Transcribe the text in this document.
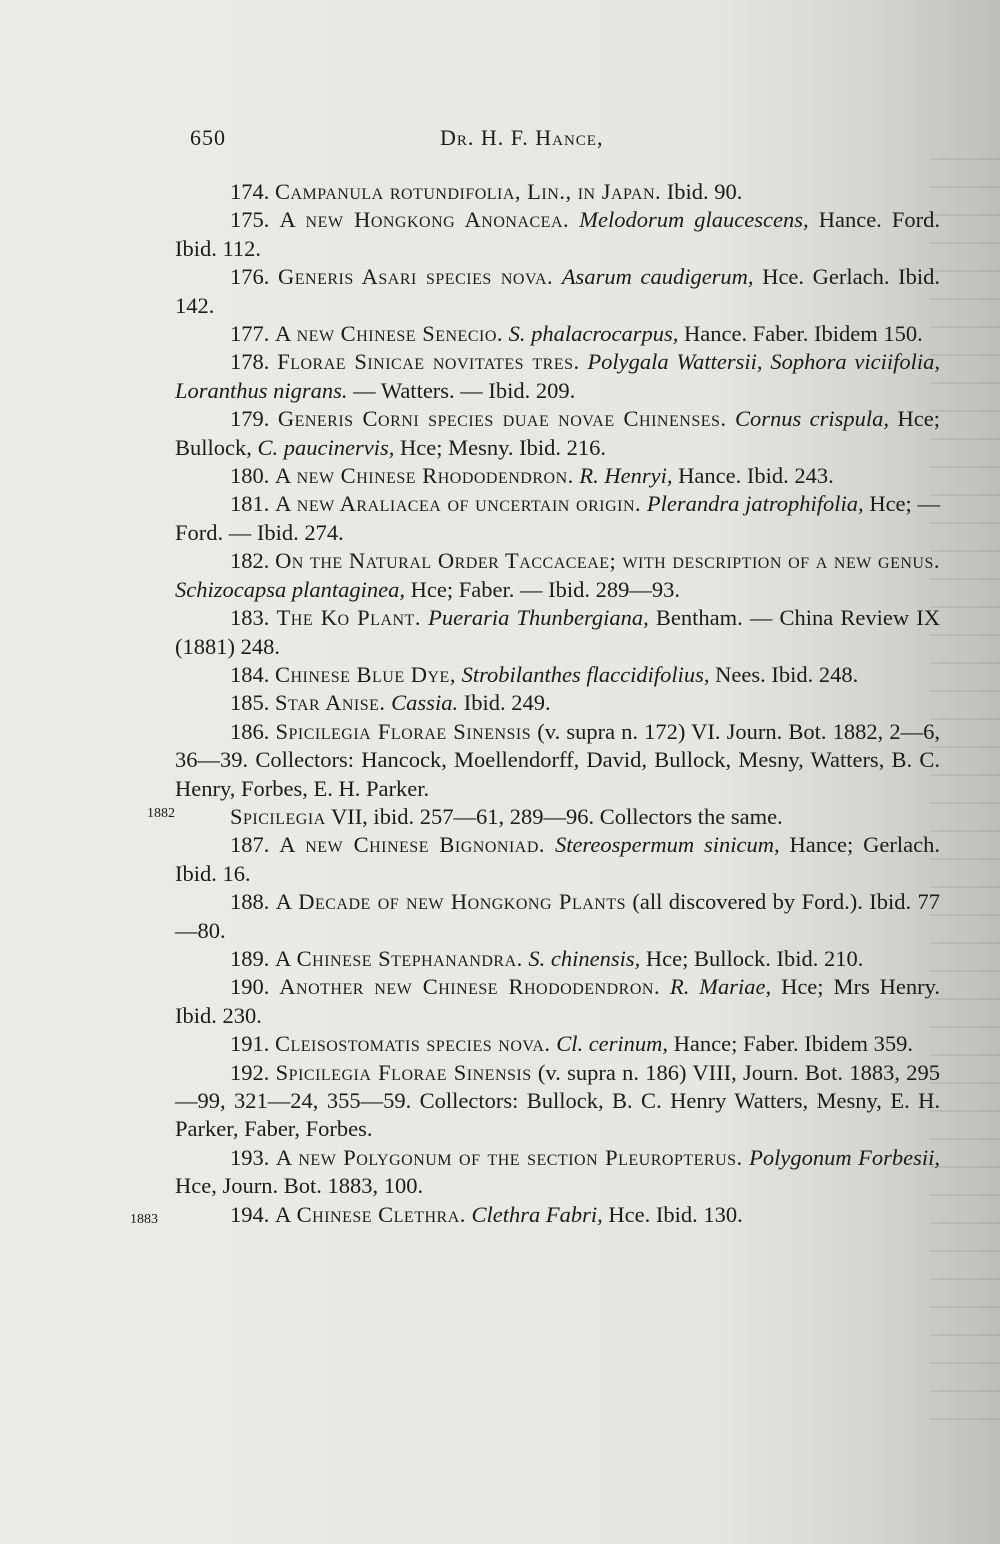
650	Dr. H. F. Hance,
1882
1883

174. Campanula rotundifolia, Lin., in Japan. Ibid. 90.

175. A new Hongkong Anonacea. Melodorum glaucescens, Hance. Ford. Ibid. 112.

176. Generis Asari species nova. Asarum caudigerum, Hce. Gerlach. Ibid. 142.

177. A new Chinese Senecio. S. phalacrocarpus, Hance. Faber. Ibidem 150.

178. Florae Sinicae novitates tres. Polygala Wattersii, Sophora viciifolia, Loranthus nigrans. — Watters. — Ibid. 209.

179. Generis Corni species duae novae Chinenses. Cornus crispula, Hce; Bullock, C. paucinervis, Hce; Mesny. Ibid. 216.

180. A new Chinese Rhododendron. R. Henryi, Hance. Ibid. 243.

181. A new Araliacea of uncertain origin. Plerandra jatrophifolia, Hce; — Ford. — Ibid. 274.

182. On the Natural Order Taccaceae; with description of a new genus. Schizocapsa plantaginea, Hce; Faber. — Ibid. 289—93.

183. The Ko Plant. Pueraria Thunbergiana, Bentham. — China Review IX (1881) 248.

184. Chinese Blue Dye, Strobilanthes flaccidifolius, Nees. Ibid. 248.

185. Star Anise. Cassia. Ibid. 249.

186. Spicilegia Florae Sinensis (v. supra n. 172) VI. Journ. Bot. 1882, 2—6, 36—39. Collectors: Hancock, Moellendorff, David, Bullock, Mesny, Watters, B. C. Henry, Forbes, E. H. Parker.

Spicilegia VII, ibid. 257—61, 289—96. Collectors the same.

187. A new Chinese Bignoniad. Stereospermum sinicum, Hance; Gerlach. Ibid. 16.

188. A Decade of new Hongkong Plants (all discovered by Ford.). Ibid. 77—80.

189. A Chinese Stephanandra. S. chinensis, Hce; Bullock. Ibid. 210.

190. Another new Chinese Rhododendron. R. Mariae, Hce; Mrs Henry. Ibid. 230.

191. Cleisostomatis species nova. Cl. cerinum, Hance; Faber. Ibidem 359.

192. Spicilegia Florae Sinensis (v. supra n. 186) VIII, Journ. Bot. 1883, 295—99, 321—24, 355—59. Collectors: Bullock, B. C. Henry Watters, Mesny, E. H. Parker, Faber, Forbes.

193. A new Polygonum of the section Pleuropterus. Polygonum Forbesii, Hce, Journ. Bot. 1883, 100.

194. A Chinese Clethra. Clethra Fabri, Hce. Ibid. 130.
